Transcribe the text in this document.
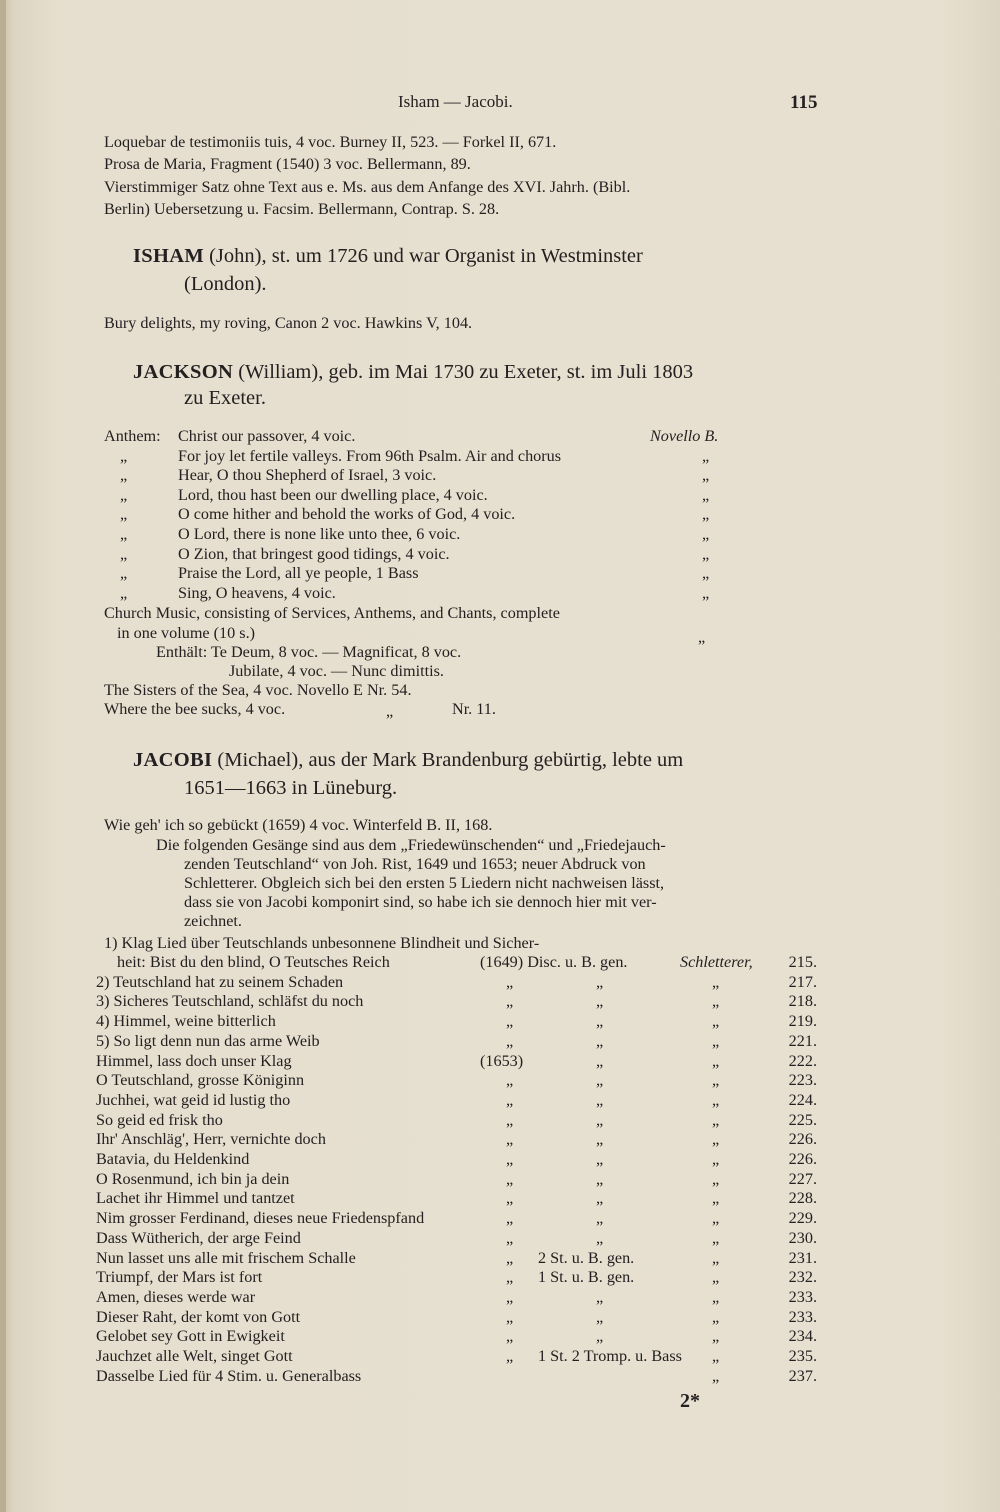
Isham — Jacobi.	115
Loquebar de testimoniis tuis, 4 voc. Burney II, 523. — Forkel II, 671.
Prosa de Maria, Fragment (1540) 3 voc. Bellermann, 89.
Vierstimmiger Satz ohne Text aus e. Ms. aus dem Anfange des XVI. Jahrh. (Bibl.
Berlin) Uebersetzung u. Facsim. Bellermann, Contrap. S. 28.
ISHAM (John), st. um 1726 und war Organist in Westminster
(London).
Bury delights, my roving, Canon 2 voc. Hawkins V, 104.
JACKSON (William), geb. im Mai 1730 zu Exeter, st. im Juli 1803
zu Exeter.
Anthem: Christ our passover, 4 voic.	Novello B.
„	For joy let fertile valleys. From 96th Psalm. Air and chorus	„
„	Hear, O thou Shepherd of Israel, 3 voic.	„
„	Lord, thou hast been our dwelling place, 4 voic.	„
„	O come hither and behold the works of God, 4 voic.	„
„	O Lord, there is none like unto thee, 6 voic.	„
„	O Zion, that bringest good tidings, 4 voic.	„
„	Praise the Lord, all ye people, 1 Bass	„
„	Sing, O heavens, 4 voic.	„
Church Music, consisting of Services, Anthems, and Chants, complete
in one volume (10 s.)	„
Enthält: Te Deum, 8 voc. — Magnificat, 8 voc.
Jubilate, 4 voc. — Nunc dimittis.
The Sisters of the Sea, 4 voc. Novello E Nr. 54.
Where the bee sucks, 4 voc.	„	Nr. 11.
JACOBI (Michael), aus der Mark Brandenburg gebürtig, lebte um
1651—1663 in Lüneburg.
Wie geh' ich so gebückt (1659) 4 voc. Winterfeld B. II, 168.
Die folgenden Gesänge sind aus dem „Friedewünschenden“ und „Friedejauch-
zenden Teutschland“ von Joh. Rist, 1649 und 1653; neuer Abdruck von
Schletterer. Obgleich sich bei den ersten 5 Liedern nicht nachweisen lässt,
dass sie von Jacobi komponirt sind, so habe ich sie dennoch hier mit ver-
zeichnet.
1) Klag Lied über Teutschlands unbesonnene Blindheit und Sicher-
heit: Bist du den blind, O Teutsches Reich	(1649) Disc. u. B. gen.	Schletterer, 215.
2) Teutschland hat zu seinem Schaden	„	„	„	217.
3) Sicheres Teutschland, schläfst du noch	„	„	„	218.
4) Himmel, weine bitterlich	„	„	„	219.
5) So ligt denn nun das arme Weib	„	„	„	221.
Himmel, lass doch unser Klag	(1653)	„	„	222.
O Teutschland, grosse Königinn	„	„	„	223.
Juchhei, wat geid id lustig tho	„	„	„	224.
So geid ed frisk tho	„	„	„	225.
Ihr' Anschläg', Herr, vernichte doch	„	„	„	226.
Batavia, du Heldenkind	„	„	„	226.
O Rosenmund, ich bin ja dein	„	„	„	227.
Lachet ihr Himmel und tantzet	„	„	„	228.
Nim grosser Ferdinand, dieses neue Friedenspfand	„	„	„	229.
Dass Wütherich, der arge Feind	„	„	„	230.
Nun lasset uns alle mit frischem Schalle	„ 2 St. u. B. gen.	„	231.
Triumpf, der Mars ist fort	„ 1 St. u. B. gen.	„	232.
Amen, dieses werde war	„	„	„	233.
Dieser Raht, der komt von Gott	„	„	„	233.
Gelobet sey Gott in Ewigkeit	„	„	„	234.
Jauchzet alle Welt, singet Gott	„ 1 St. 2 Tromp. u. Bass „	235.
Dasselbe Lied für 4 Stim. u. Generalbass	„	237.
2*
